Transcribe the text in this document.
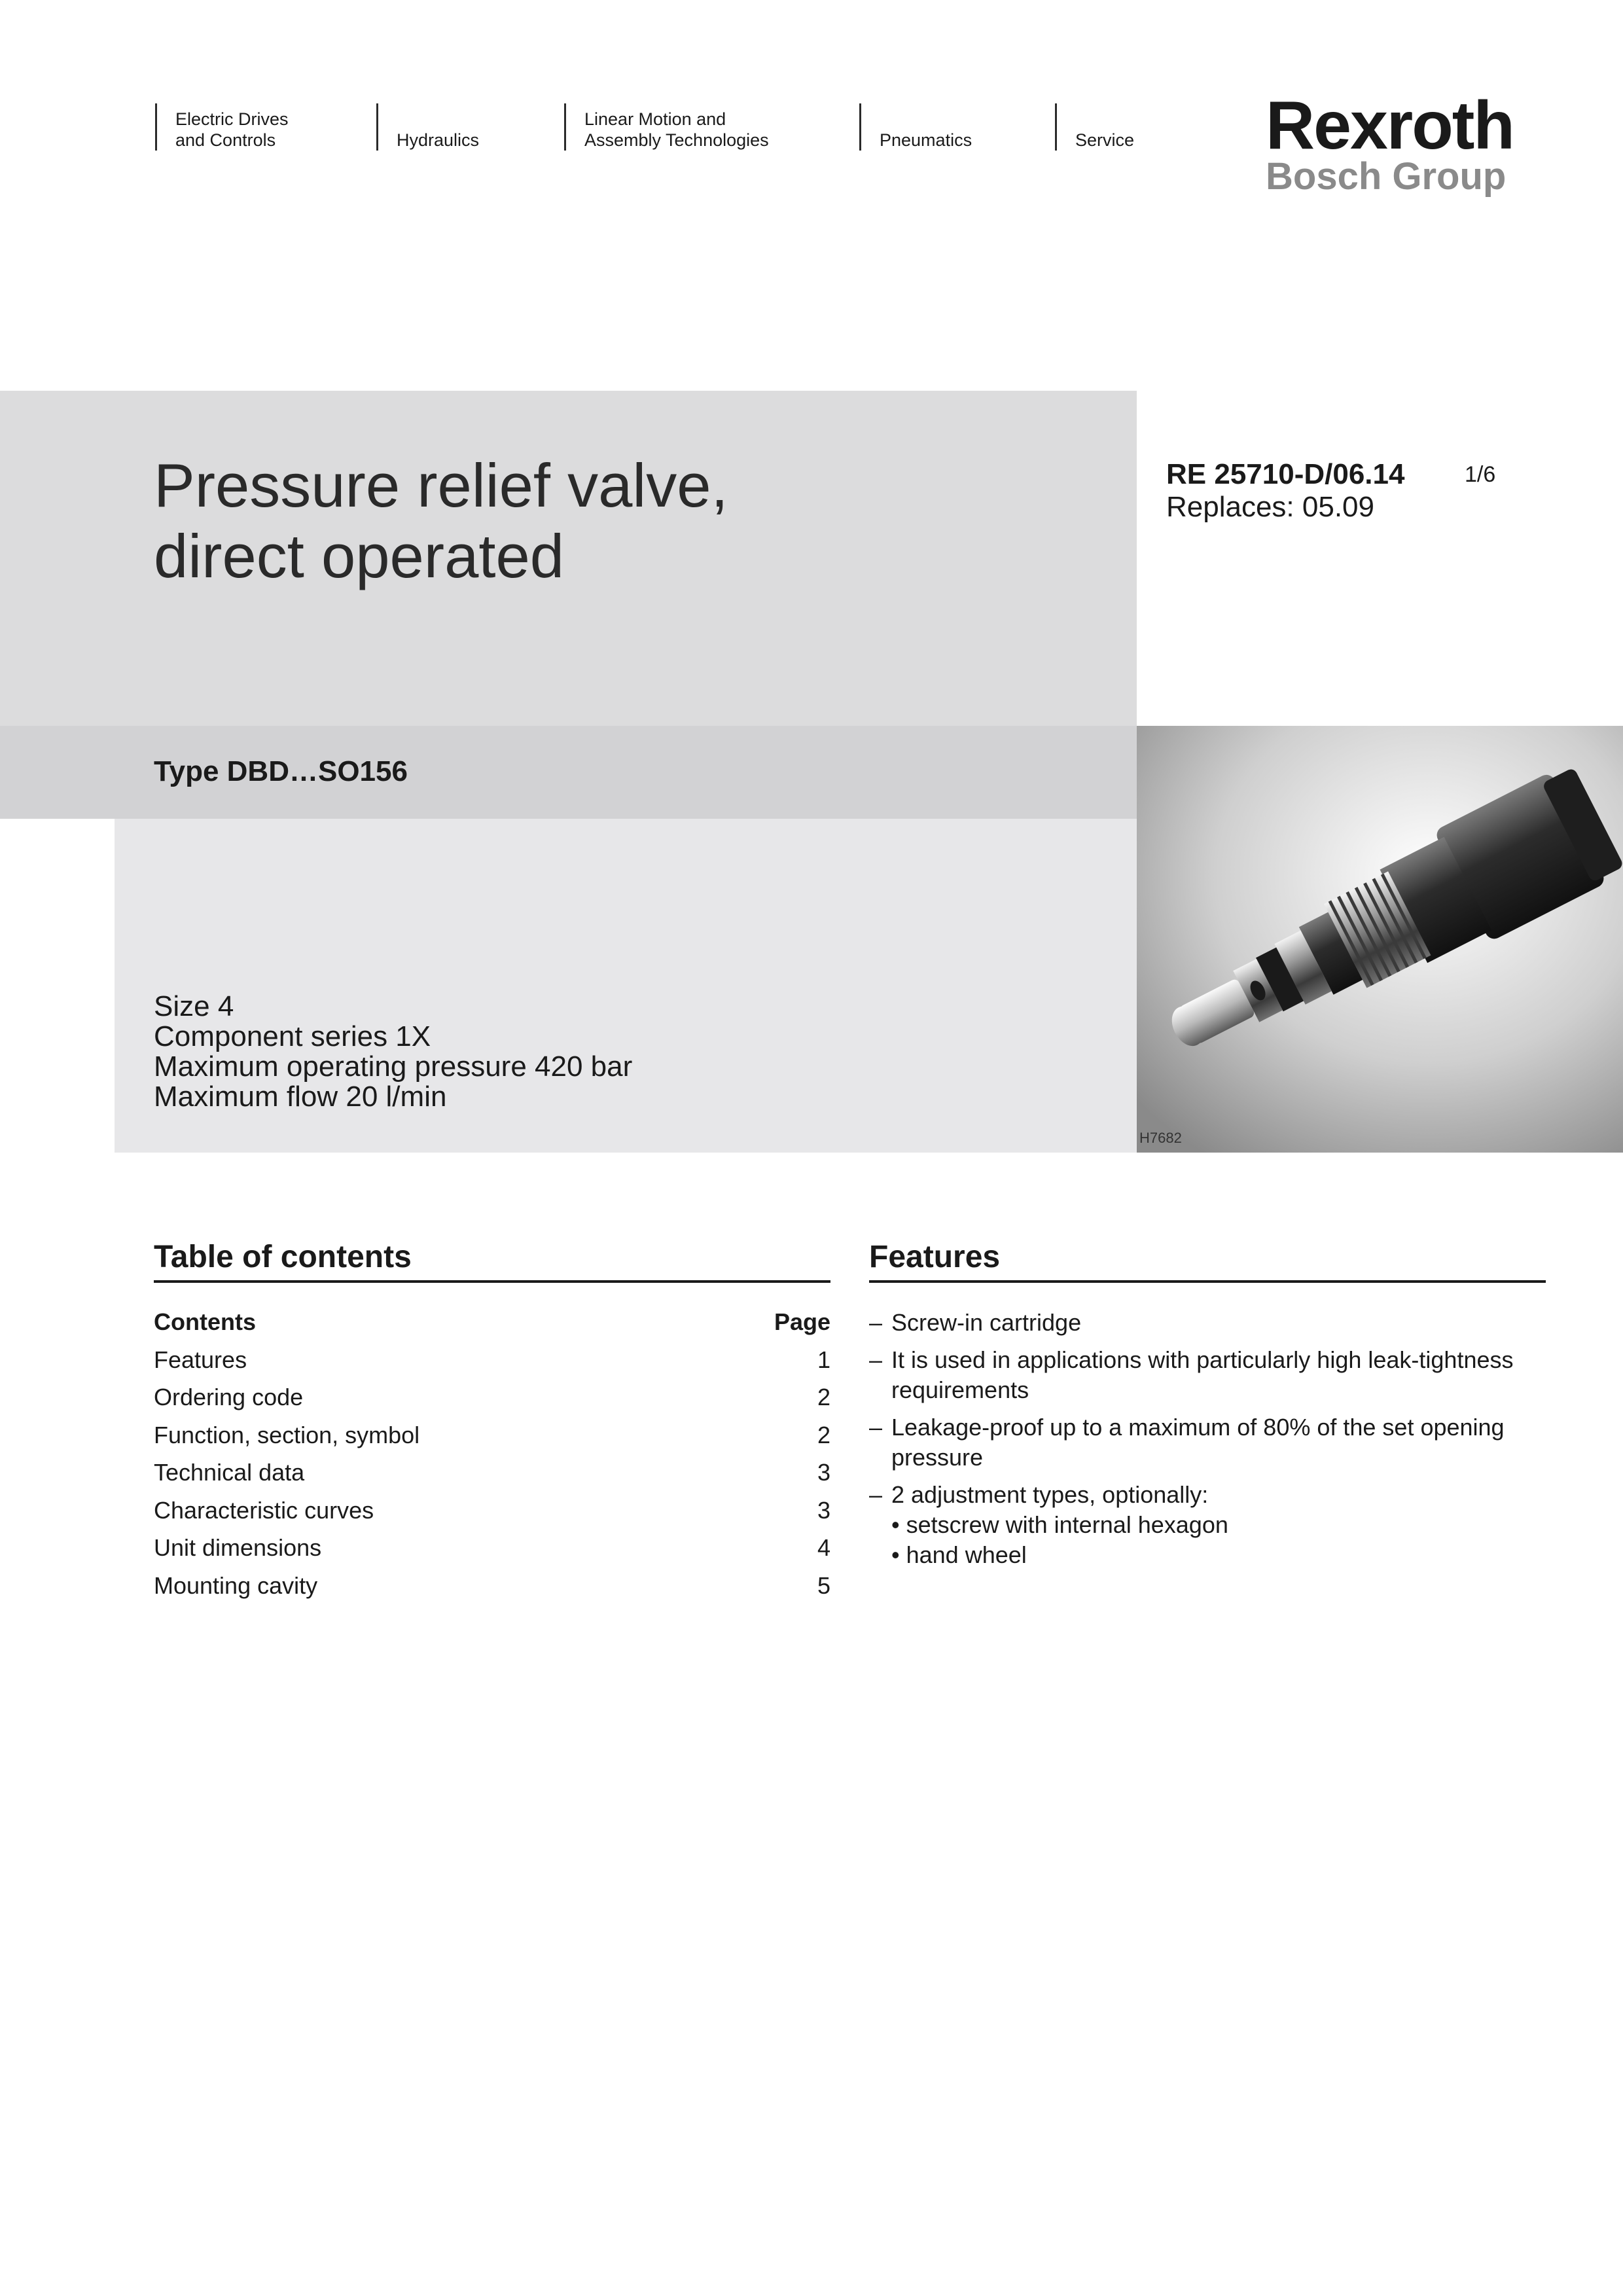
Electric Drives
and Controls	Hydraulics
Linear Motion and
Assembly Technologies	Pneumatics	Service Rexroth
Bosch Group
Pressure relief valve,
direct operated
RE 25710-D/06.14
Replaces: 05.09
1/6
Type DBD…SO156
Size 4
Component series 1X
Maximum operating pressure 420 bar
Maximum flow 20 l/min
H7682
Table of contents
Contents	Page
Features	1
Ordering code	2
Function, section, symbol	2
Technical data	3
Characteristic curves	3
Unit dimensions	4
Mounting cavity	5
Features
– Screw-in cartridge
– It is used in applications with particularly high leak-tightness requirements
– Leakage-proof up to a maximum of 80% of the set opening pressure
– 2 adjustment types, optionally:
• setscrew with internal hexagon
• hand wheel
